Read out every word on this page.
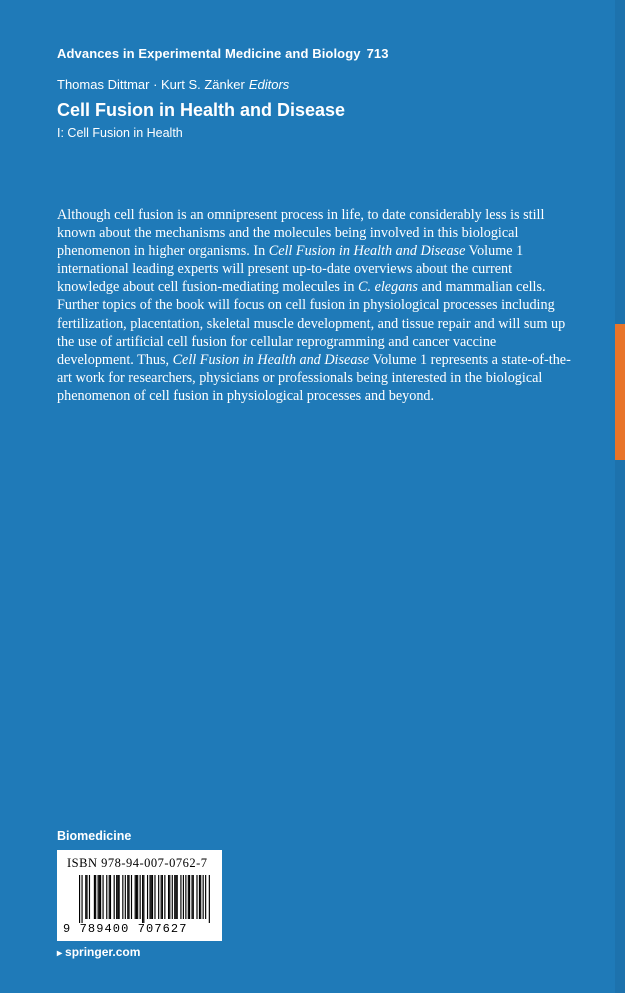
Advances in Experimental Medicine and Biology 713
Thomas Dittmar · Kurt S. Zänker Editors
Cell Fusion in Health and Disease
I: Cell Fusion in Health

Although cell fusion is an omnipresent process in life, to date considerably less is still known about the mechanisms and the molecules being involved in this biological phenomenon in higher organisms. In Cell Fusion in Health and Disease Volume 1 international leading experts will present up-to-date overviews about the current knowledge about cell fusion-mediating molecules in C. elegans and mammalian cells. Further topics of the book will focus on cell fusion in physiological processes including fertilization, placentation, skeletal muscle development, and tissue repair and will sum up the use of artificial cell fusion for cellular reprogramming and cancer vaccine development. Thus, Cell Fusion in Health and Disease Volume 1 represents a state-of-the-art work for researchers, physicians or professionals being interested in the biological phenomenon of cell fusion in physiological processes and beyond.

Biomedicine
ISBN 978-94-007-0762-7
9 789400 707627
▸ springer.com
